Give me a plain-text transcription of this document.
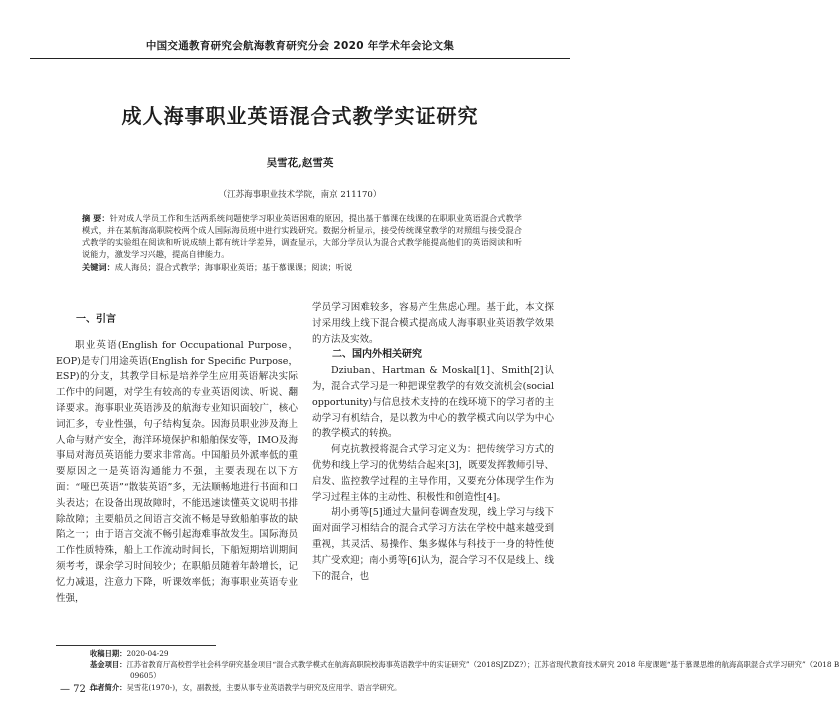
中国交通教育研究会航海教育研究分会 2020 年学术年会论文集
成人海事职业英语混合式教学实证研究
吴雪花,赵雪英
（江苏海事职业技术学院，南京 211170）
摘 要：针对成人学员工作和生活两系统问题使学习职业英语困难的原因，提出基于慕课在线课的在职职业英语混合式教学模式，并在某航海高职院校两个成人国际海员班中进行实践研究。数据分析显示，接受传统课堂教学的对照组与接受混合式教学的实验组在阅读和听说成绩上都有统计学差异，调查显示，大部分学员认为混合式教学能提高他们的英语阅读和听说能力，激发学习兴趣，提高自律能力。
关键词：成人海员；混合式教学；海事职业英语；基于慕课课；阅读；听说

一、引言

职业英语(English for Occupational Purpose，EOP)是专门用途英语(English for Specific Purpose，ESP)的分支，其教学目标是培养学生应用英语解决实际工作中的问题，对学生有较高的专业英语阅读、听说、翻译要求。海事职业英语涉及的航海专业知识面较广，核心词汇多，专业性强，句子结构复杂。因海员职业涉及海上人命与财产安全，海洋环境保护和船舶保安等，IMO及海事局对海员英语能力要求非常高。中国船员外派率低的重要原因之一是英语沟通能力不强，主要表现在以下方面：“哑巴英语”“散装英语”多，无法顺畅地进行书面和口头表达；在设备出现故障时，不能迅速读懂英文说明书排除故障；主要船员之间语言交流不畅是导致船舶事故的缺陷之一；由于语言交流不畅引起海难事故发生。国际海员工作性质特殊，船上工作流动时间长，下船短期培训期间须考考，课余学习时间较少；在职船员随着年龄增长，记忆力减退，注意力下降，听课效率低；海事职业英语专业性强，

学员学习困难较多，容易产生焦虑心理。基于此，本文探讨采用线上线下混合模式提高成人海事职业英语教学效果的方法及实效。

二、国内外相关研究

Dziuban、Hartman & Moskal[1]、Smith[2]认为，混合式学习是一种把课堂教学的有效交流机会(social opportunity)与信息技术支持的在线环境下的学习者的主动学习有机结合，是以教为中心的教学模式向以学为中心的教学模式的转换。

何克抗教授将混合式学习定义为：把传统学习方式的优势和线上学习的优势结合起来[3]，既要发挥教师引导、启发、监控教学过程的主导作用，又要充分体现学生作为学习过程主体的主动性、积极性和创造性[4]。

胡小勇等[5]通过大量问卷调查发现，线上学习与线下面对面学习相结合的混合式学习方法在学校中越来越受到重视，其灵活、易操作、集多媒体与科技于一身的特性使其广受欢迎；南小勇等[6]认为，混合学习不仅是线上、线下的混合，也

收稿日期：2020-04-29
基金项目：江苏省教育厅高校哲学社会科学研究基金项目“混合式教学模式在航海高职院校海事英语教学中的实证研究”（2018SJZDZ?）；江苏省现代教育技术研究 2018 年度课题“基于慕课思维的航海高职混合式学习研究”（2018 B
09605）
作者简介：吴雪花(1970-)，女，副教授，主要从事专业英语教学与研究及应用学、语言学研究。
— 72 —
